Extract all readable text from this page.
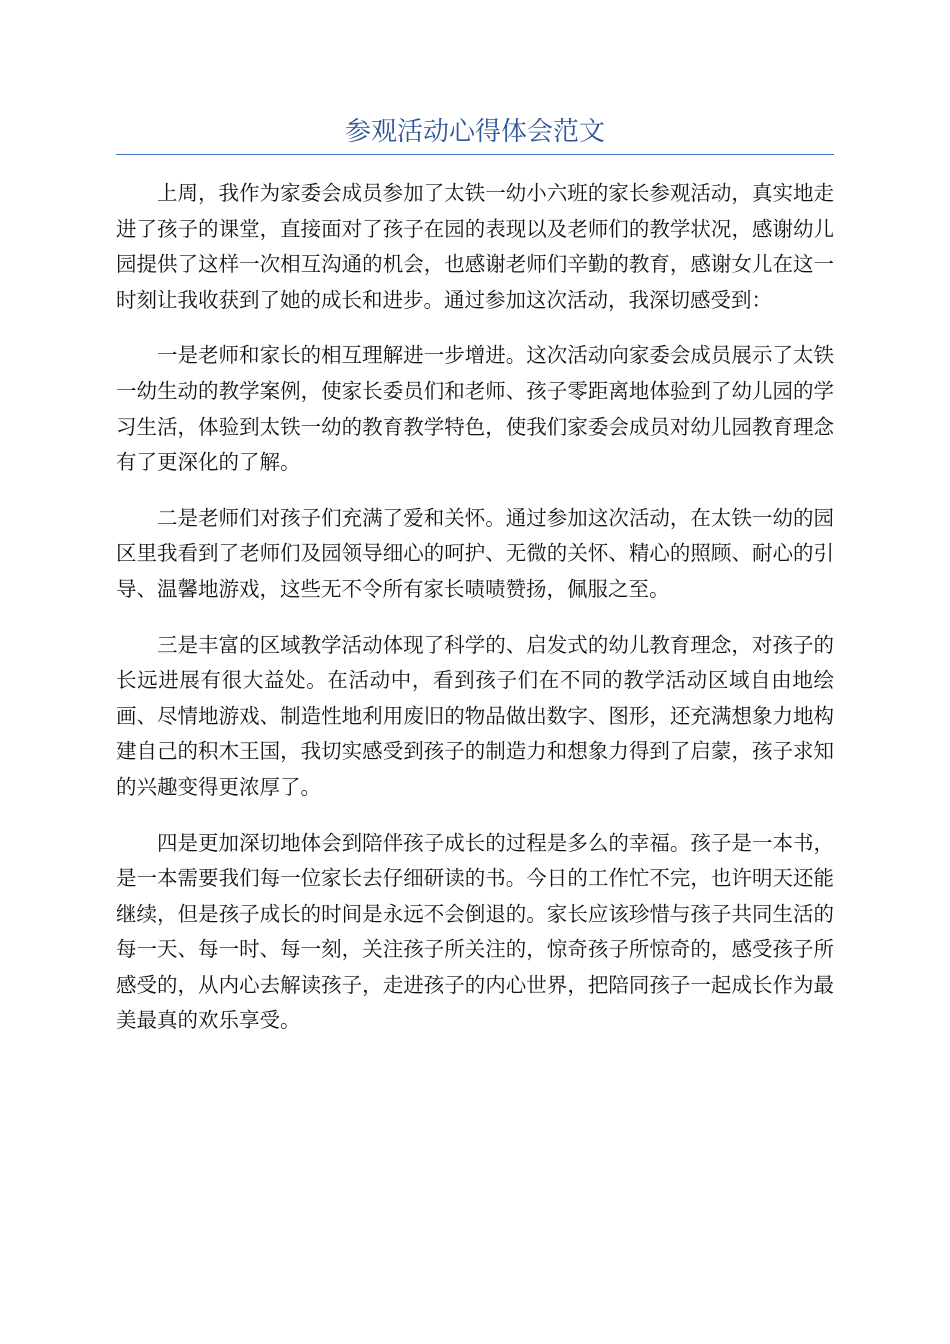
参观活动心得体会范文

上周，我作为家委会成员参加了太铁一幼小六班的家长参观活动，真实地走进了孩子的课堂，直接面对了孩子在园的表现以及老师们的教学状况，感谢幼儿园提供了这样一次相互沟通的机会，也感谢老师们辛勤的教育，感谢女儿在这一时刻让我收获到了她的成长和进步。通过参加这次活动，我深切感受到：

一是老师和家长的相互理解进一步增进。这次活动向家委会成员展示了太铁一幼生动的教学案例，使家长委员们和老师、孩子零距离地体验到了幼儿园的学习生活，体验到太铁一幼的教育教学特色，使我们家委会成员对幼儿园教育理念有了更深化的了解。

二是老师们对孩子们充满了爱和关怀。通过参加这次活动，在太铁一幼的园区里我看到了老师们及园领导细心的呵护、无微的关怀、精心的照顾、耐心的引导、温馨地游戏，这些无不令所有家长啧啧赞扬，佩服之至。

三是丰富的区域教学活动体现了科学的、启发式的幼儿教育理念，对孩子的长远进展有很大益处。在活动中，看到孩子们在不同的教学活动区域自由地绘画、尽情地游戏、制造性地利用废旧的物品做出数字、图形，还充满想象力地构建自己的积木王国，我切实感受到孩子的制造力和想象力得到了启蒙，孩子求知的兴趣变得更浓厚了。

四是更加深切地体会到陪伴孩子成长的过程是多么的幸福。孩子是一本书，是一本需要我们每一位家长去仔细研读的书。今日的工作忙不完，也许明天还能继续，但是孩子成长的时间是永远不会倒退的。家长应该珍惜与孩子共同生活的每一天、每一时、每一刻，关注孩子所关注的，惊奇孩子所惊奇的，感受孩子所感受的，从内心去解读孩子，走进孩子的内心世界，把陪同孩子一起成长作为最美最真的欢乐享受。
